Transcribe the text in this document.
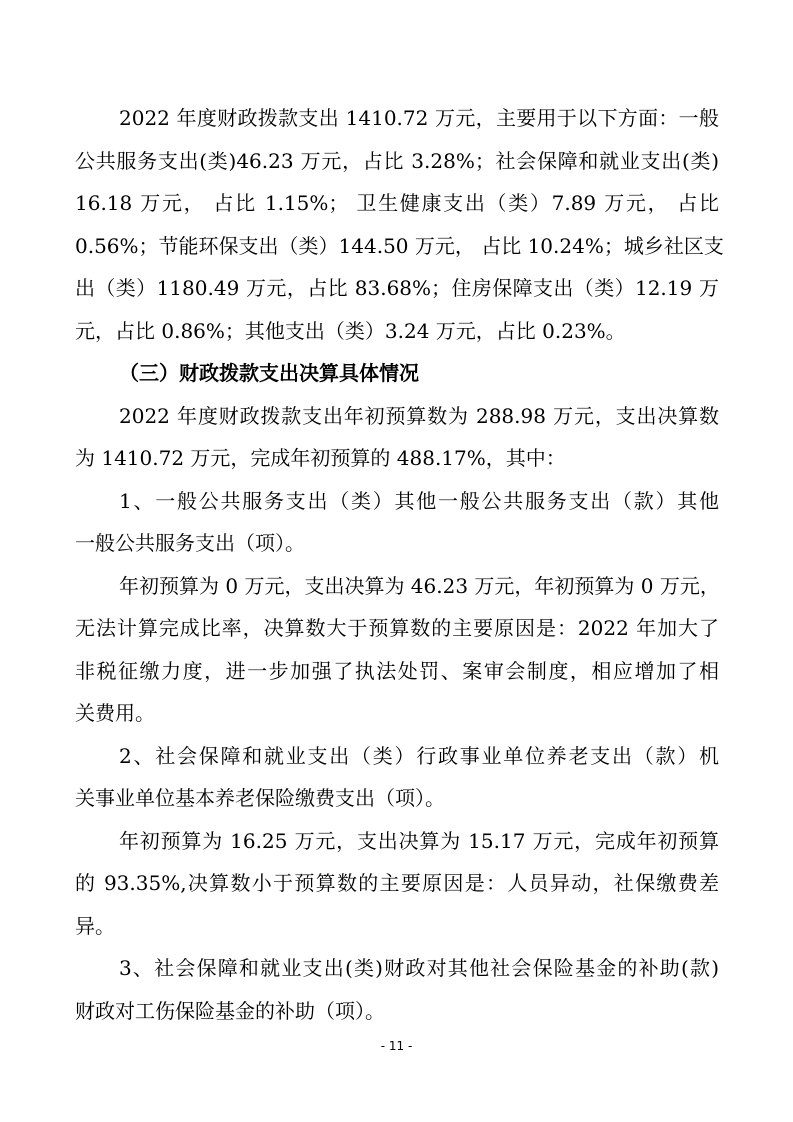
2022 年度财政拨款支出 1410.72 万元，主要用于以下方面：一般
公共服务支出(类)46.23 万元，占比 3.28%；社会保障和就业支出(类)
16.18 万元， 占比 1.15%； 卫生健康支出（类）7.89 万元， 占比
0.56%；节能环保支出（类）144.50 万元， 占比 10.24%；城乡社区支
出（类）1180.49 万元，占比 83.68%；住房保障支出（类）12.19 万
元，占比 0.86%；其他支出（类）3.24 万元，占比 0.23%。
（三）财政拨款支出决算具体情况
2022 年度财政拨款支出年初预算数为 288.98 万元，支出决算数
为 1410.72 万元，完成年初预算的 488.17%，其中：
1、一般公共服务支出（类）其他一般公共服务支出（款）其他
一般公共服务支出（项）。
年初预算为 0 万元，支出决算为 46.23 万元，年初预算为 0 万元，
无法计算完成比率，决算数大于预算数的主要原因是：2022 年加大了
非税征缴力度，进一步加强了执法处罚、案审会制度，相应增加了相
关费用。
2、社会保障和就业支出（类）行政事业单位养老支出（款）机
关事业单位基本养老保险缴费支出（项）。
年初预算为 16.25 万元，支出决算为 15.17 万元，完成年初预算
的 93.35%,决算数小于预算数的主要原因是：人员异动，社保缴费差
异。
3、社会保障和就业支出(类)财政对其他社会保险基金的补助(款)
财政对工伤保险基金的补助（项）。
- 11 -
